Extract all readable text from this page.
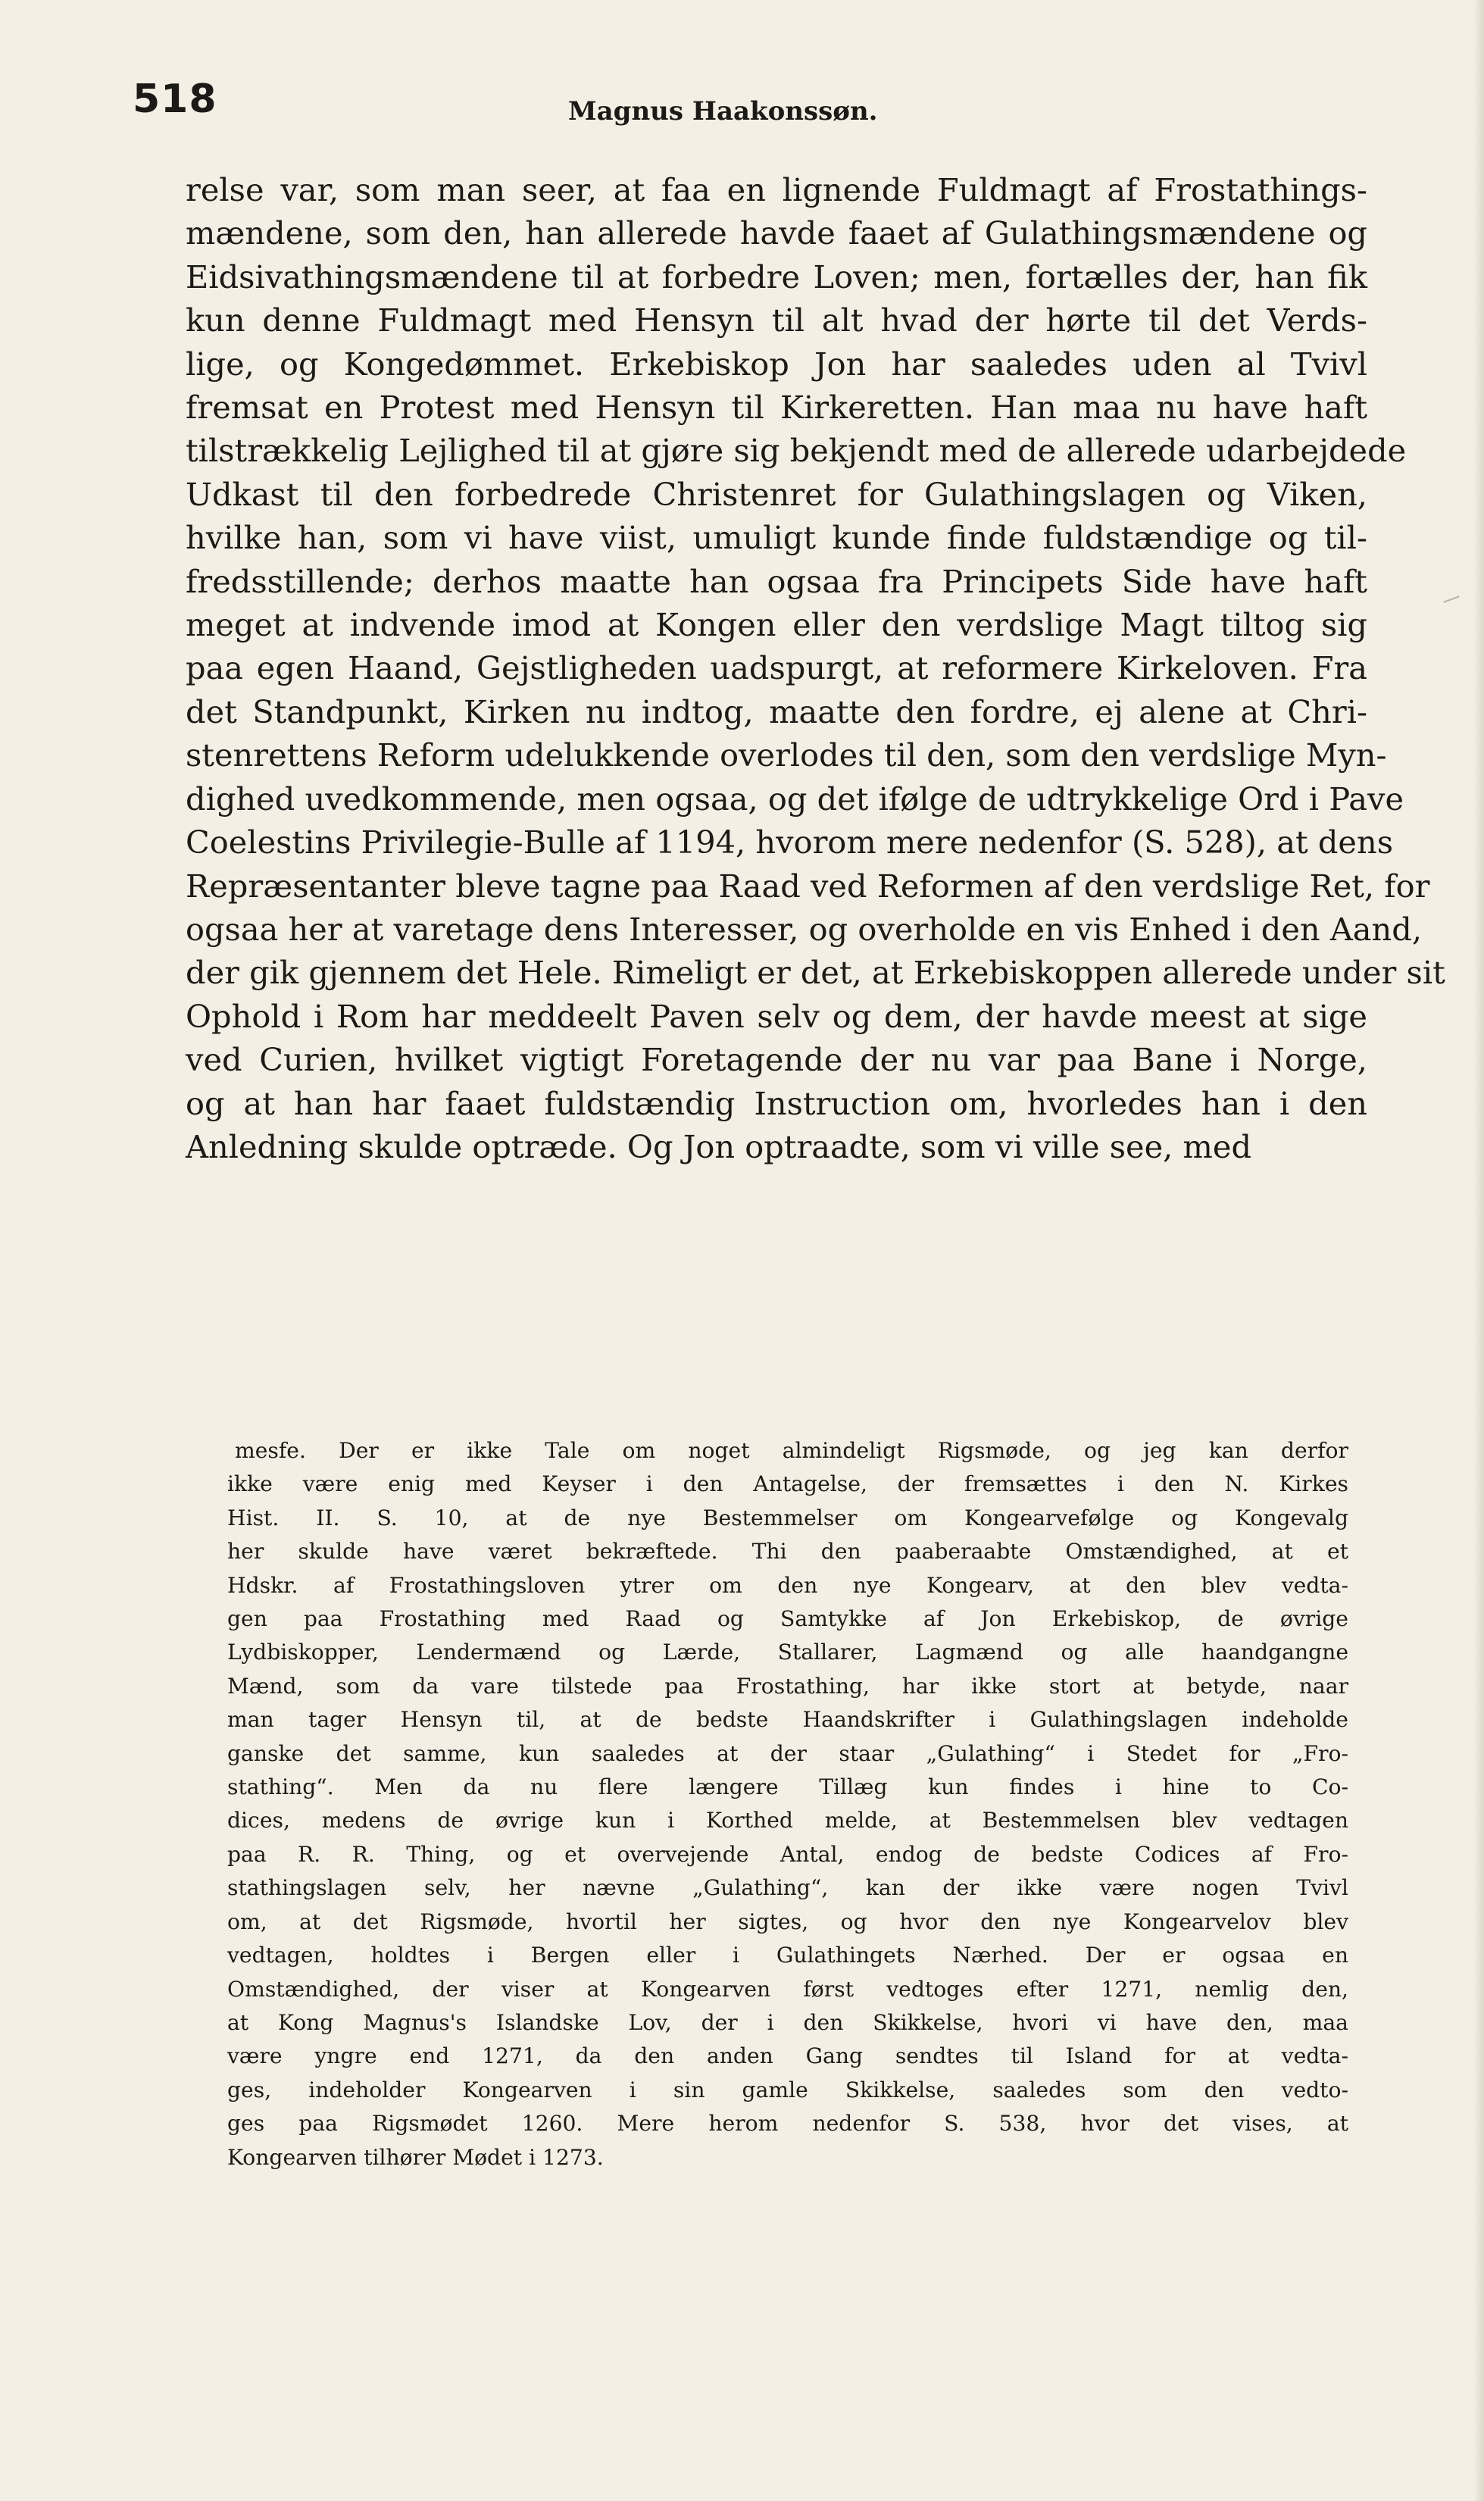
518	Magnus Haakonssøn.
relse var, som man seer, at faa en lignende Fuldmagt af Frostathings-
mændene, som den, han allerede havde faaet af Gulathingsmændene og
Eidsivathingsmændene til at forbedre Loven; men, fortælles der, han fik
kun denne Fuldmagt med Hensyn til alt hvad der hørte til det Verds-
lige, og Kongedømmet. Erkebiskop Jon har saaledes uden al Tvivl
fremsat en Protest med Hensyn til Kirkeretten. Han maa nu have haft
tilstrækkelig Lejlighed til at gjøre sig bekjendt med de allerede udarbejdede
Udkast til den forbedrede Christenret for Gulathingslagen og Viken,
hvilke han, som vi have viist, umuligt kunde finde fuldstændige og til-
fredsstillende; derhos maatte han ogsaa fra Principets Side have haft
meget at indvende imod at Kongen eller den verdslige Magt tiltog sig
paa egen Haand, Gejstligheden uadspurgt, at reformere Kirkeloven. Fra
det Standpunkt, Kirken nu indtog, maatte den fordre, ej alene at Chri-
stenrettens Reform udelukkende overlodes til den, som den verdslige Myn-
dighed uvedkommende, men ogsaa, og det ifølge de udtrykkelige Ord i Pave
Coelestins Privilegie-Bulle af 1194, hvorom mere nedenfor (S. 528), at dens
Repræsentanter bleve tagne paa Raad ved Reformen af den verdslige Ret, for
ogsaa her at varetage dens Interesser, og overholde en vis Enhed i den Aand,
der gik gjennem det Hele. Rimeligt er det, at Erkebiskoppen allerede under sit
Ophold i Rom har meddeelt Paven selv og dem, der havde meest at sige
ved Curien, hvilket vigtigt Foretagende der nu var paa Bane i Norge,
og at han har faaet fuldstændig Instruction om, hvorledes han i den
Anledning skulde optræde. Og Jon optraadte, som vi ville see, med
mesfe. Der er ikke Tale om noget almindeligt Rigsmøde, og jeg kan derfor
ikke være enig med Keyser i den Antagelse, der fremsættes i den N. Kirkes
Hist. II. S. 10, at de nye Bestemmelser om Kongearvefølge og Kongevalg
her skulde have været bekræftede. Thi den paaberaabte Omstændighed, at et
Hdskr. af Frostathingsloven ytrer om den nye Kongearv, at den blev vedta-
gen paa Frostathing med Raad og Samtykke af Jon Erkebiskop, de øvrige
Lydbiskopper, Lendermænd og Lærde, Stallarer, Lagmænd og alle haandgangne
Mænd, som da vare tilstede paa Frostathing, har ikke stort at betyde, naar
man tager Hensyn til, at de bedste Haandskrifter i Gulathingslagen indeholde
ganske det samme, kun saaledes at der staar „Gulathing“ i Stedet for „Fro-
stathing“. Men da nu flere længere Tillæg kun findes i hine to Co-
dices, medens de øvrige kun i Korthed melde, at Bestemmelsen blev vedtagen
paa R. R. Thing, og et overvejende Antal, endog de bedste Codices af Fro-
stathingslagen selv, her nævne „Gulathing“, kan der ikke være nogen Tvivl
om, at det Rigsmøde, hvortil her sigtes, og hvor den nye Kongearvelov blev
vedtagen, holdtes i Bergen eller i Gulathingets Nærhed. Der er ogsaa en
Omstændighed, der viser at Kongearven først vedtoges efter 1271, nemlig den,
at Kong Magnus's Islandske Lov, der i den Skikkelse, hvori vi have den, maa
være yngre end 1271, da den anden Gang sendtes til Island for at vedta-
ges, indeholder Kongearven i sin gamle Skikkelse, saaledes som den vedto-
ges paa Rigsmødet 1260. Mere herom nedenfor S. 538, hvor det vises, at
Kongearven tilhører Mødet i 1273.
